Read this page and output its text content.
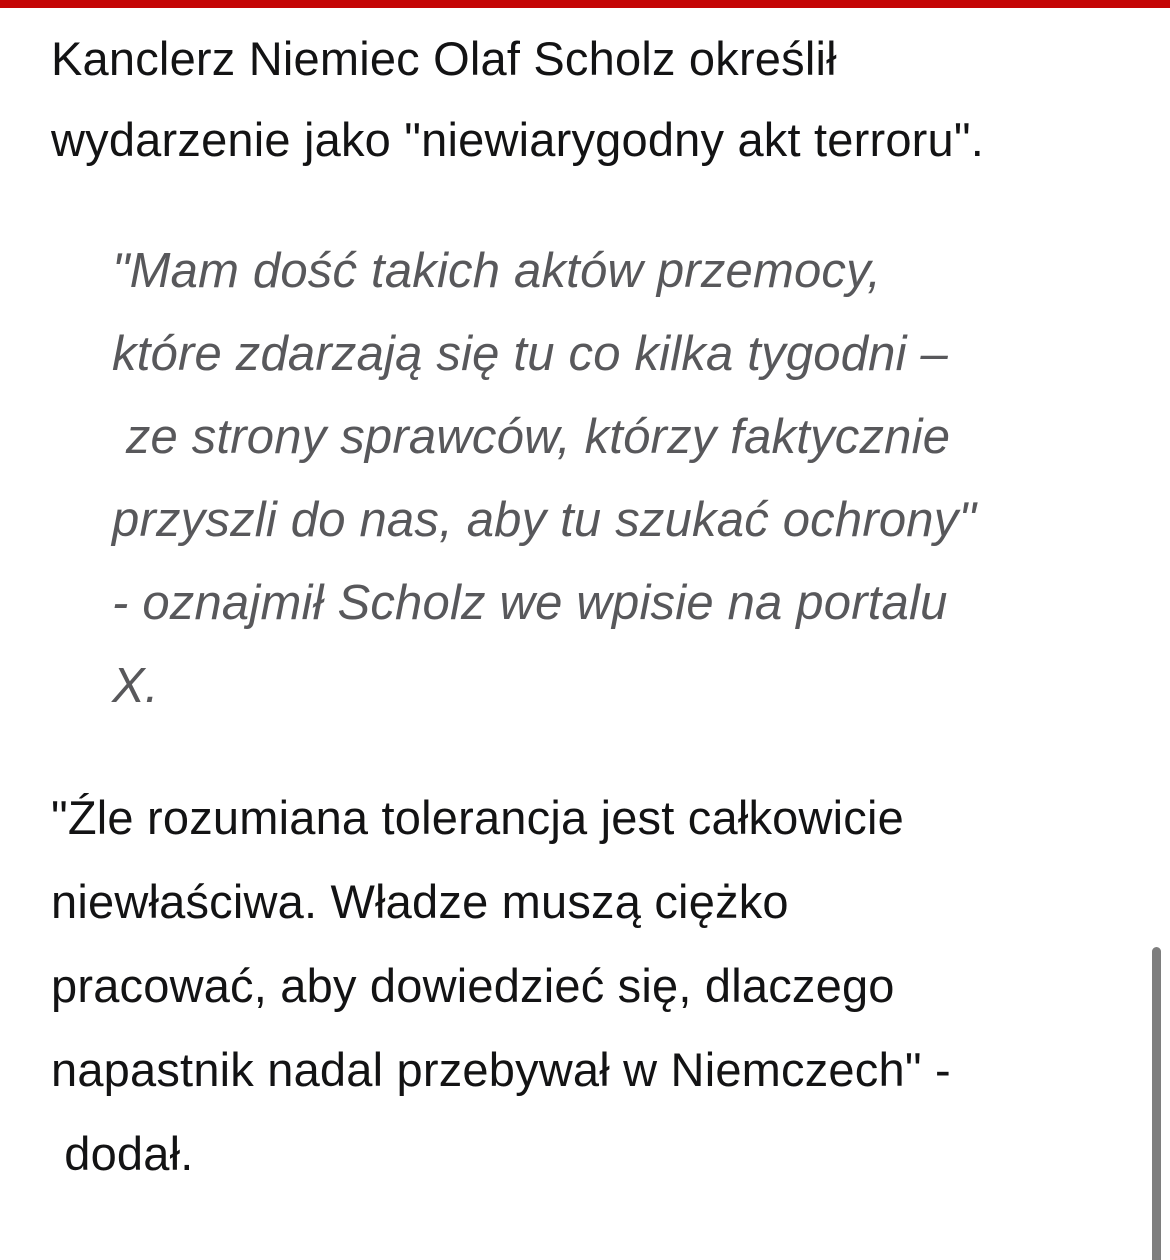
Kanclerz Niemiec Olaf Scholz określił
wydarzenie jako "niewiarygodny akt terroru".

"Mam dość takich aktów przemocy,
które zdarzają się tu co kilka tygodni –
ze strony sprawców, którzy faktycznie
przyszli do nas, aby tu szukać ochrony"
- oznajmił Scholz we wpisie na portalu
X.

"Źle rozumiana tolerancja jest całkowicie
niewłaściwa. Władze muszą ciężko
pracować, aby dowiedzieć się, dlaczego
napastnik nadal przebywał w Niemczech" -
dodał.
